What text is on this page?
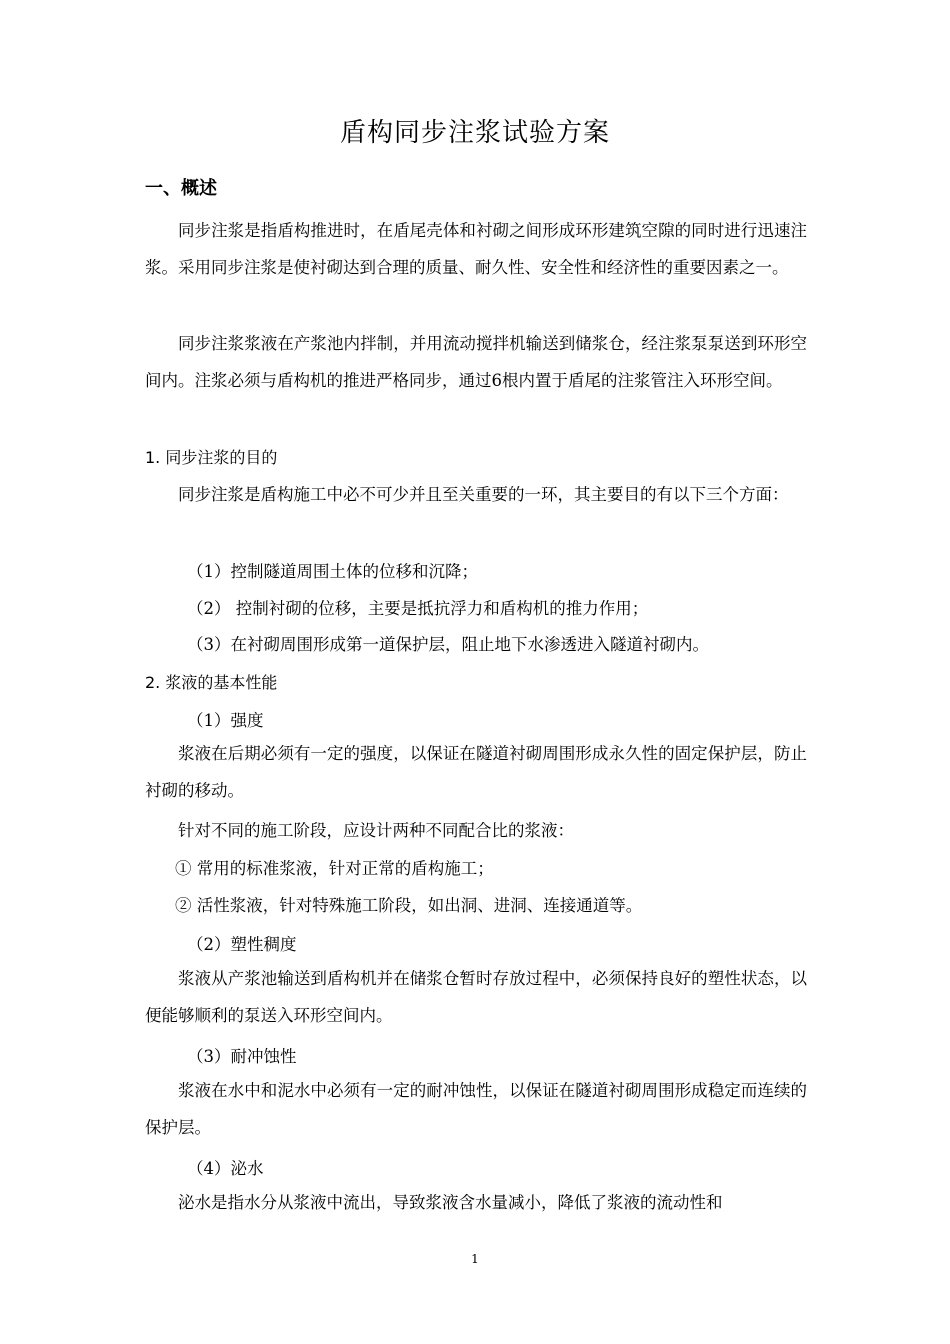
盾构同步注浆试验方案
一、概述

同步注浆是指盾构推进时，在盾尾壳体和衬砌之间形成环形建筑空隙的同时进行迅速注浆。采用同步注浆是使衬砌达到合理的质量、耐久性、安全性和经济性的重要因素之一。

同步注浆浆液在产浆池内拌制，并用流动搅拌机输送到储浆仓，经注浆泵泵送到环形空间内。注浆必须与盾构机的推进严格同步，通过6根内置于盾尾的注浆管注入环形空间。

1. 同步注浆的目的

同步注浆是盾构施工中必不可少并且至关重要的一环，其主要目的有以下三个方面：

（1）控制隧道周围土体的位移和沉降；
（2） 控制衬砌的位移，主要是抵抗浮力和盾构机的推力作用；
（3）在衬砌周围形成第一道保护层，阻止地下水渗透进入隧道衬砌内。
2. 浆液的基本性能
（1）强度

浆液在后期必须有一定的强度，以保证在隧道衬砌周围形成永久性的固定保护层，防止衬砌的移动。

针对不同的施工阶段，应设计两种不同配合比的浆液：

① 常用的标准浆液，针对正常的盾构施工；
② 活性浆液，针对特殊施工阶段，如出洞、进洞、连接通道等。
（2）塑性稠度

浆液从产浆池输送到盾构机并在储浆仓暂时存放过程中，必须保持良好的塑性状态，以便能够顺利的泵送入环形空间内。

（3）耐冲蚀性

浆液在水中和泥水中必须有一定的耐冲蚀性，以保证在隧道衬砌周围形成稳定而连续的保护层。

（4）泌水

泌水是指水分从浆液中流出，导致浆液含水量减小，降低了浆液的流动性和

1
